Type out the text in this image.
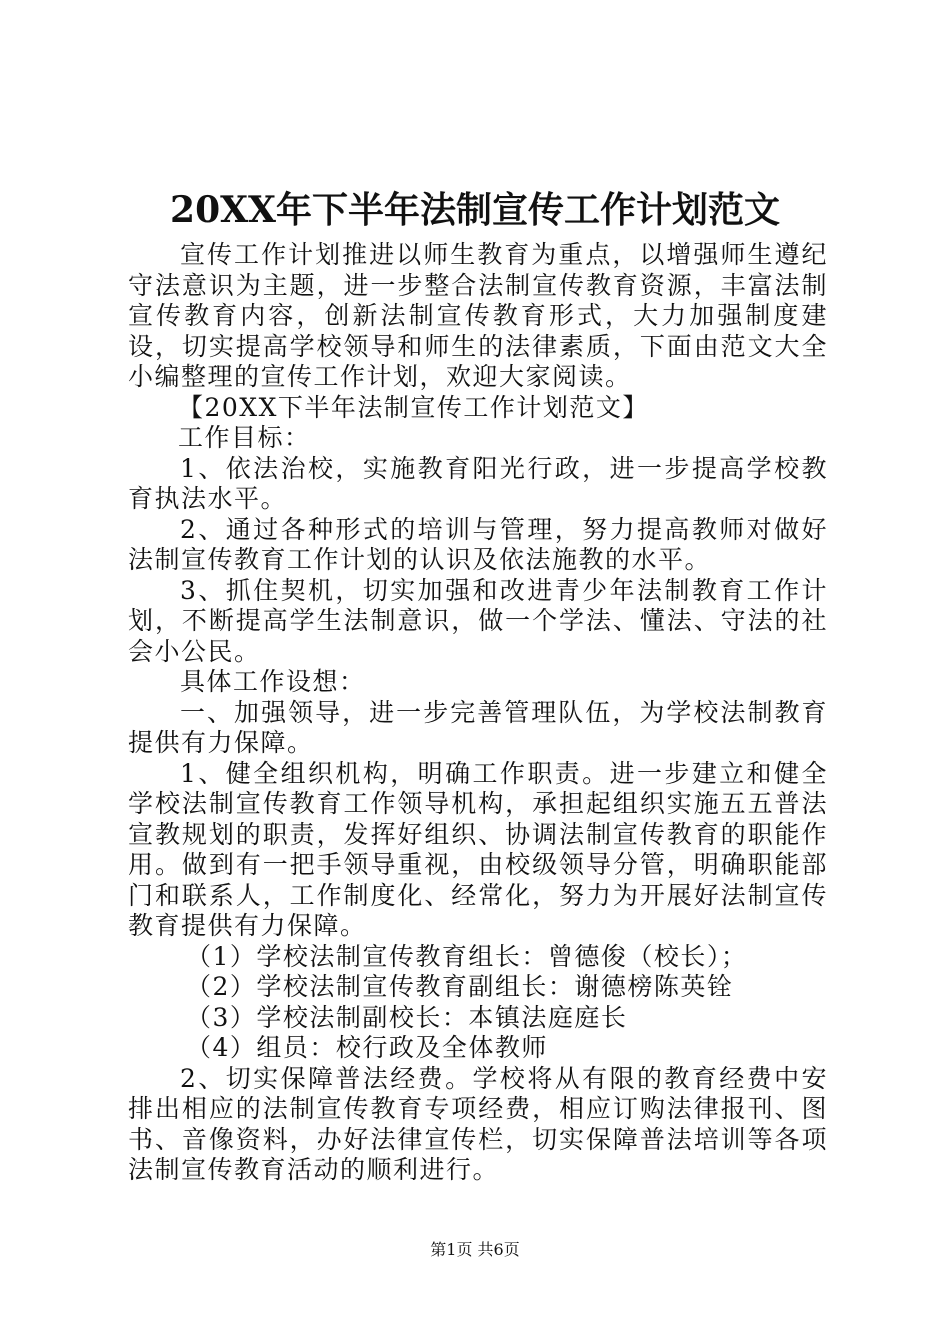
20XX年下半年法制宣传工作计划范文

宣传工作计划推进以师生教育为重点，以增强师生遵纪守法意识为主题，进一步整合法制宣传教育资源，丰富法制宣传教育内容，创新法制宣传教育形式，大力加强制度建设，切实提高学校领导和师生的法律素质，下面由范文大全小编整理的宣传工作计划，欢迎大家阅读。

【20XX下半年法制宣传工作计划范文】

工作目标：

1、依法治校，实施教育阳光行政，进一步提高学校教育执法水平。

2、通过各种形式的培训与管理，努力提高教师对做好法制宣传教育工作计划的认识及依法施教的水平。

3、抓住契机，切实加强和改进青少年法制教育工作计划，不断提高学生法制意识，做一个学法、懂法、守法的社会小公民。

具体工作设想：

一、加强领导，进一步完善管理队伍，为学校法制教育提供有力保障。

1、健全组织机构，明确工作职责。进一步建立和健全学校法制宣传教育工作领导机构，承担起组织实施五五普法宣教规划的职责，发挥好组织、协调法制宣传教育的职能作用。做到有一把手领导重视，由校级领导分管，明确职能部门和联系人，工作制度化、经常化，努力为开展好法制宣传教育提供有力保障。

（1）学校法制宣传教育组长：曾德俊（校长）；

（2）学校法制宣传教育副组长：谢德榜陈英铨

（3）学校法制副校长：本镇法庭庭长

（4）组员：校行政及全体教师

2、切实保障普法经费。学校将从有限的教育经费中安排出相应的法制宣传教育专项经费，相应订购法律报刊、图书、音像资料，办好法律宣传栏，切实保障普法培训等各项法制宣传教育活动的顺利进行。

第1页 共6页
